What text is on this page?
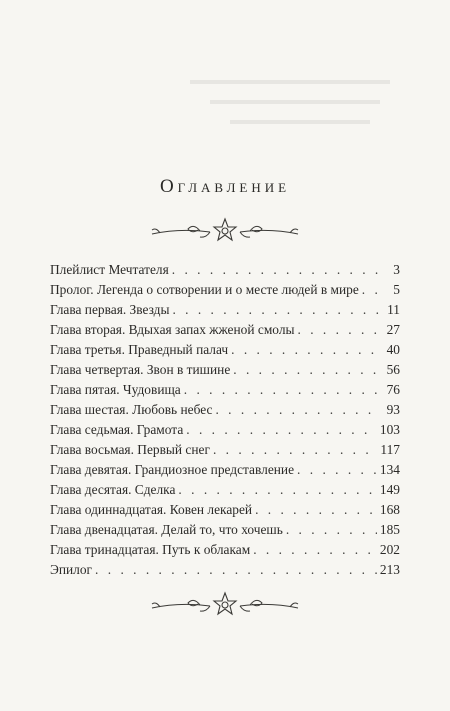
Оглавление
Плейлист Мечтателя . . .	3
Пролог. Легенда о сотворении и о месте людей в мире . . .	5
Глава первая. Звезды . . .	11
Глава вторая. Вдыхая запах жженой смолы . . .	27
Глава третья. Праведный палач . . .	40
Глава четвертая. Звон в тишине . . .	56
Глава пятая. Чудовища . . .	76
Глава шестая. Любовь небес . . .	93
Глава седьмая. Грамота . . .	103
Глава восьмая. Первый снег . . .	117
Глава девятая. Грандиозное представление . . .	134
Глава десятая. Сделка . . .	149
Глава одиннадцатая. Ковен лекарей . . .	168
Глава двенадцатая. Делай то, что хочешь . . .	185
Глава тринадцатая. Путь к облакам . . .	202
Эпилог . . .	213
